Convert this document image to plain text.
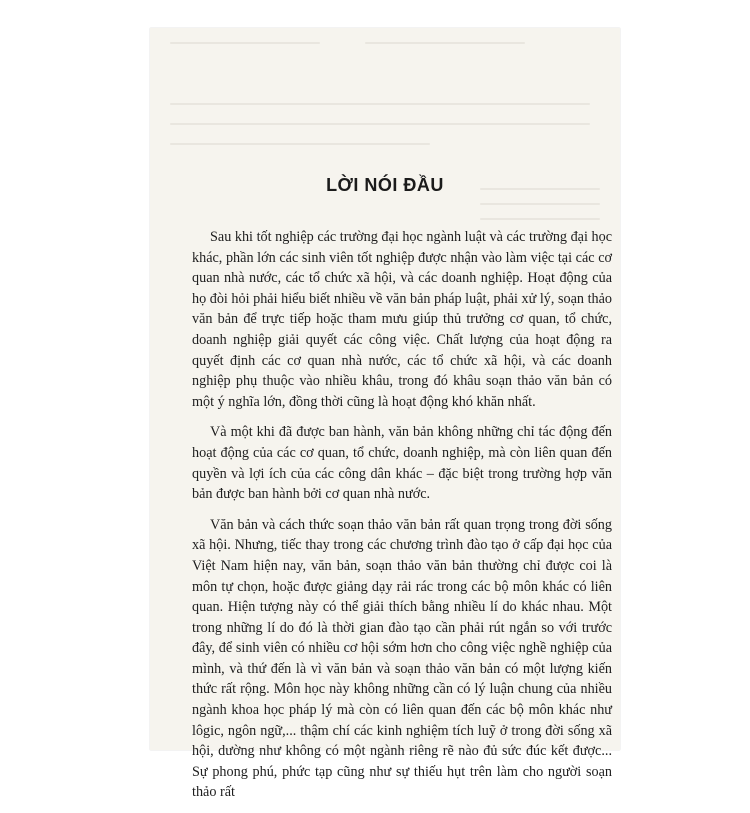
LỜI NÓI ĐẦU

Sau khi tốt nghiệp các trường đại học ngành luật và các trường đại học khác, phần lớn các sinh viên tốt nghiệp được nhận vào làm việc tại các cơ quan nhà nước, các tổ chức xã hội, và các doanh nghiệp. Hoạt động của họ đòi hỏi phải hiểu biết nhiều về văn bản pháp luật, phải xử lý, soạn thảo văn bản để trực tiếp hoặc tham mưu giúp thủ trưởng cơ quan, tổ chức, doanh nghiệp giải quyết các công việc. Chất lượng của hoạt động ra quyết định các cơ quan nhà nước, các tổ chức xã hội, và các doanh nghiệp phụ thuộc vào nhiều khâu, trong đó khâu soạn thảo văn bản có một ý nghĩa lớn, đồng thời cũng là hoạt động khó khăn nhất.

Và một khi đã được ban hành, văn bản không những chỉ tác động đến hoạt động của các cơ quan, tổ chức, doanh nghiệp, mà còn liên quan đến quyền và lợi ích của các công dân khác – đặc biệt trong trường hợp văn bản được ban hành bởi cơ quan nhà nước.

Văn bản và cách thức soạn thảo văn bản rất quan trọng trong đời sống xã hội. Nhưng, tiếc thay trong các chương trình đào tạo ở cấp đại học của Việt Nam hiện nay, văn bản, soạn thảo văn bản thường chỉ được coi là môn tự chọn, hoặc được giảng dạy rải rác trong các bộ môn khác có liên quan. Hiện tượng này có thể giải thích bằng nhiều lí do khác nhau. Một trong những lí do đó là thời gian đào tạo cần phải rút ngắn so với trước đây, để sinh viên có nhiều cơ hội sớm hơn cho công việc nghề nghiệp của mình, và thứ đến là vì văn bản và soạn thảo văn bản có một lượng kiến thức rất rộng. Môn học này không những cần có lý luận chung của nhiều ngành khoa học pháp lý mà còn có liên quan đến các bộ môn khác như lôgic, ngôn ngữ,... thậm chí các kinh nghiệm tích luỹ ở trong đời sống xã hội, dường như không có một ngành riêng rẽ nào đủ sức đúc kết được... Sự phong phú, phức tạp cũng như sự thiếu hụt trên làm cho người soạn thảo rất
